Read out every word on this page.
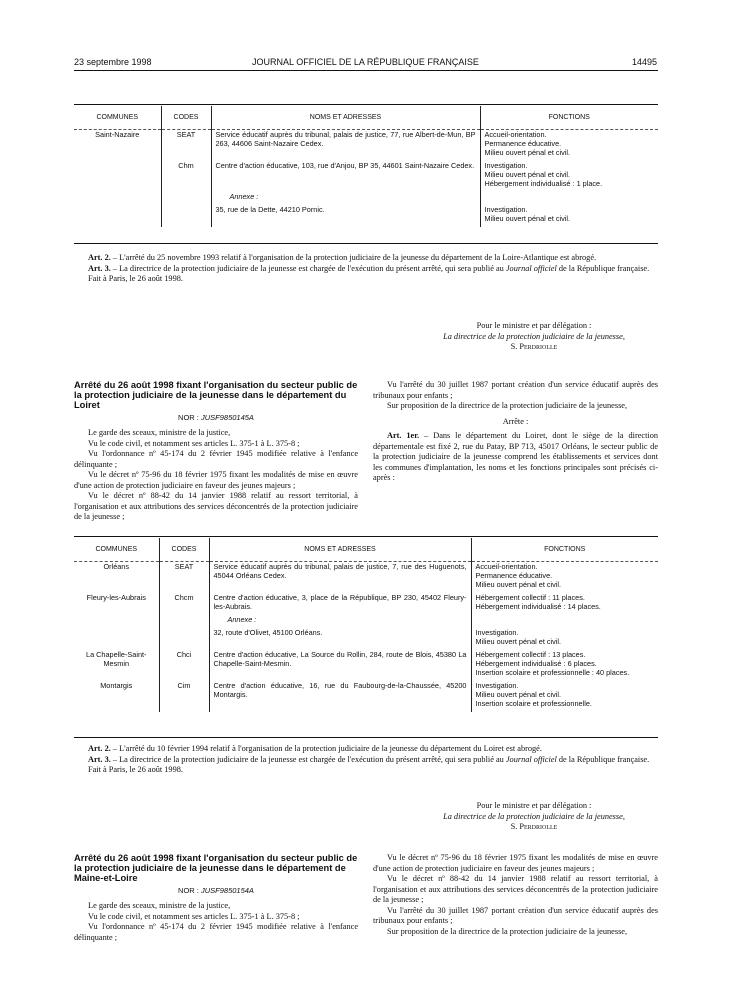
23 septembre 1998	JOURNAL OFFICIEL DE LA RÉPUBLIQUE FRANÇAISE	14495
COMMUNES	CODES	NOMS ET ADRESSES	FONCTIONS
Saint-Nazaire	SEAT	Service éducatif auprès du tribunal, palais de justice, 77, rue Albert-de-Mun, BP 263, 44606 Saint-Nazaire Cedex.	Accueil-orientation.
Permanence éducative.
Milieu ouvert pénal et civil.

	Chm	Centre d'action éducative, 103, rue d'Anjou, BP 35, 44601 Saint-Nazaire Cedex.	Investigation.
Milieu ouvert pénal et civil.
Hébergement individualisé : 1 place.

		Annexe :	

		35, rue de la Dette, 44210 Pornic.	Investigation.
Milieu ouvert pénal et civil.

Art. 2. – L'arrêté du 25 novembre 1993 relatif à l'organisation de la protection judiciaire de la jeunesse du département de la Loire-Atlantique est abrogé.

Art. 3. – La directrice de la protection judiciaire de la jeunesse est chargée de l'exécution du présent arrêté, qui sera publié au Journal officiel de la République française.

Fait à Paris, le 26 août 1998.

Pour le ministre et par délégation :
La directrice de la protection judiciaire de la jeunesse,
S. Perdriolle
Arrêté du 26 août 1998 fixant l'organisation du secteur public de la protection judiciaire de la jeunesse dans le département du Loiret
NOR : JUSF9850145A

Le garde des sceaux, ministre de la justice,

Vu le code civil, et notamment ses articles L. 375-1 à L. 375-8 ;

Vu l'ordonnance nº 45-174 du 2 février 1945 modifiée relative à l'enfance délinquante ;

Vu le décret nº 75-96 du 18 février 1975 fixant les modalités de mise en œuvre d'une action de protection judiciaire en faveur des jeunes majeurs ;

Vu le décret nº 88-42 du 14 janvier 1988 relatif au ressort territorial, à l'organisation et aux attributions des services déconcentrés de la protection judiciaire de la jeunesse ;

Vu l'arrêté du 30 juillet 1987 portant création d'un service éducatif auprès des tribunaux pour enfants ;

Sur proposition de la directrice de la protection judiciaire de la jeunesse,

Arrête :

Art. 1er. – Dans le département du Loiret, dont le siège de la direction départementale est fixé 2, rue du Patay, BP 713, 45017 Orléans, le secteur public de la protection judiciaire de la jeunesse comprend les établissements et services dont les communes d'implantation, les noms et les fonctions principales sont précisés ci-après :

COMMUNES	CODES	NOMS ET ADRESSES	FONCTIONS
Orléans	SEAT	Service éducatif auprès du tribunal, palais de justice, 7, rue des Huguenots, 45044 Orléans Cedex.	Accueil-orientation.
Permanence éducative.
Milieu ouvert pénal et civil.

Fleury-les-Aubrais	Chcm	Centre d'action éducative, 3, place de la République, BP 230, 45402 Fleury-les-Aubrais.	Hébergement collectif : 11 places.
Hébergement individualisé : 14 places.

		Annexe :	

		32, route d'Olivet, 45100 Orléans.	Investigation.
Milieu ouvert pénal et civil.

La Chapelle-Saint-Mesmin	Chci	Centre d'action éducative, La Source du Rollin, 284, route de Blois, 45380 La Chapelle-Saint-Mesmin.	Hébergement collectif : 13 places.
Hébergement individualisé : 6 places.
Insertion scolaire et professionnelle : 40 places.

Montargis	Cim	Centre d'action éducative, 16, rue du Faubourg-de-la-Chaussée, 45200 Montargis.	Investigation.
Milieu ouvert pénal et civil.
Insertion scolaire et professionnelle.

Art. 2. – L'arrêté du 10 février 1994 relatif à l'organisation de la protection judiciaire de la jeunesse du département du Loiret est abrogé.

Art. 3. – La directrice de la protection judiciaire de la jeunesse est chargée de l'exécution du présent arrêté, qui sera publié au Journal officiel de la République française.

Fait à Paris, le 26 août 1998.

Pour le ministre et par délégation :
La directrice de la protection judiciaire de la jeunesse,
S. Perdriolle
Arrêté du 26 août 1998 fixant l'organisation du secteur public de la protection judiciaire de la jeunesse dans le département de Maine-et-Loire
NOR : JUSF9850154A

Le garde des sceaux, ministre de la justice,

Vu le code civil, et notamment ses articles L. 375-1 à L. 375-8 ;

Vu l'ordonnance nº 45-174 du 2 février 1945 modifiée relative à l'enfance délinquante ;

Vu le décret nº 75-96 du 18 février 1975 fixant les modalités de mise en œuvre d'une action de protection judiciaire en faveur des jeunes majeurs ;

Vu le décret nº 88-42 du 14 janvier 1988 relatif au ressort territorial, à l'organisation et aux attributions des services déconcentrés de la protection judiciaire de la jeunesse ;

Vu l'arrêté du 30 juillet 1987 portant création d'un service éducatif auprès des tribunaux pour enfants ;

Sur proposition de la directrice de la protection judiciaire de la jeunesse,
